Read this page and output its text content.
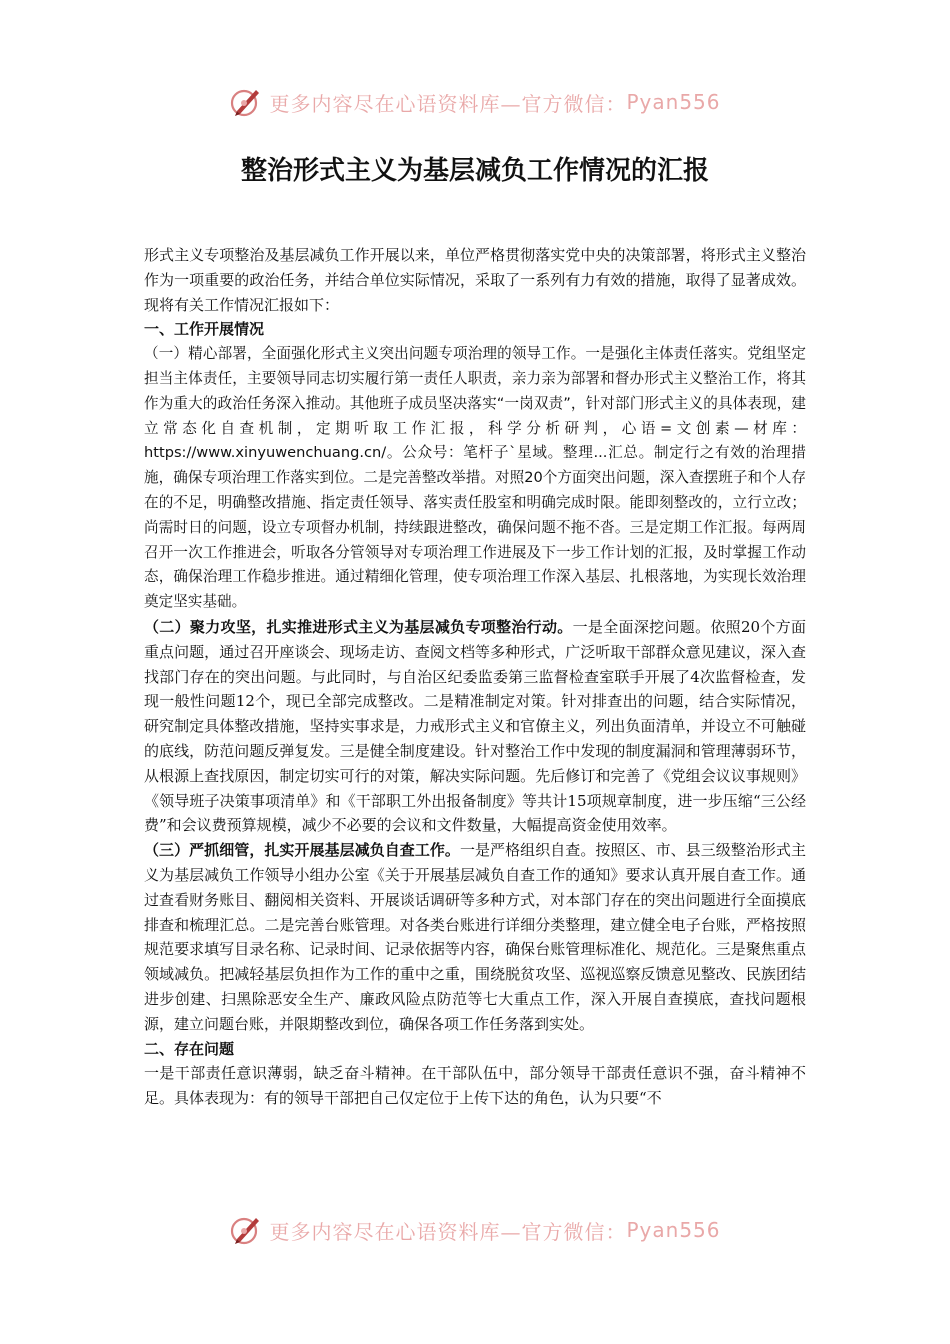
更多内容尽在心语资料库—官方微信： Pyan556
整治形式主义为基层减负工作情况的汇报

形式主义专项整治及基层减负工作开展以来，单位严格贯彻落实党中央的决策部署，将形式主义整治作为一项重要的政治任务，并结合单位实际情况，采取了一系列有力有效的措施，取得了显著成效。现将有关工作情况汇报如下：

一、工作开展情况

（一）精心部署，全面强化形式主义突出问题专项治理的领导工作。一是强化主体责任落实。党组坚定担当主体责任，主要领导同志切实履行第一责任人职责，亲力亲为部署和督办形式主义整治工作，将其作为重大的政治任务深入推动。其他班子成员坚决落实“一岗双责”，针对部门形式主义的具体表现，建立常态化自查机制，定期听取工作汇报，科学分析研判，心语=文创素—材库：https://www.xinyuwenchuang.cn/。公众号：笔杆子`星域。整理...汇总。制定行之有效的治理措施，确保专项治理工作落实到位。二是完善整改举措。对照20个方面突出问题，深入查摆班子和个人存在的不足，明确整改措施、指定责任领导、落实责任股室和明确完成时限。能即刻整改的，立行立改；尚需时日的问题，设立专项督办机制，持续跟进整改，确保问题不拖不沓。三是定期工作汇报。每两周召开一次工作推进会，听取各分管领导对专项治理工作进展及下一步工作计划的汇报，及时掌握工作动态，确保治理工作稳步推进。通过精细化管理，使专项治理工作深入基层、扎根落地，为实现长效治理奠定坚实基础。

（二）聚力攻坚，扎实推进形式主义为基层减负专项整治行动。一是全面深挖问题。依照20个方面重点问题，通过召开座谈会、现场走访、查阅文档等多种形式，广泛听取干部群众意见建议，深入查找部门存在的突出问题。与此同时，与自治区纪委监委第三监督检查室联手开展了4次监督检查，发现一般性问题12个，现已全部完成整改。二是精准制定对策。针对排查出的问题，结合实际情况，研究制定具体整改措施，坚持实事求是，力戒形式主义和官僚主义，列出负面清单，并设立不可触碰的底线，防范问题反弹复发。三是健全制度建设。针对整治工作中发现的制度漏洞和管理薄弱环节，从根源上查找原因，制定切实可行的对策，解决实际问题。先后修订和完善了《党组会议议事规则》《领导班子决策事项清单》和《干部职工外出报备制度》等共计15项规章制度，进一步压缩“三公经费”和会议费预算规模，减少不必要的会议和文件数量，大幅提高资金使用效率。

（三）严抓细管，扎实开展基层减负自查工作。一是严格组织自查。按照区、市、县三级整治形式主义为基层减负工作领导小组办公室《关于开展基层减负自查工作的通知》要求认真开展自查工作。通过查看财务账目、翻阅相关资料、开展谈话调研等多种方式，对本部门存在的突出问题进行全面摸底排查和梳理汇总。二是完善台账管理。对各类台账进行详细分类整理，建立健全电子台账，严格按照规范要求填写目录名称、记录时间、记录依据等内容，确保台账管理标准化、规范化。三是聚焦重点领域减负。把减轻基层负担作为工作的重中之重，围绕脱贫攻坚、巡视巡察反馈意见整改、民族团结进步创建、扫黑除恶安全生产、廉政风险点防范等七大重点工作，深入开展自查摸底，查找问题根源，建立问题台账，并限期整改到位，确保各项工作任务落到实处。

二、存在问题

一是干部责任意识薄弱，缺乏奋斗精神。在干部队伍中，部分领导干部责任意识不强，奋斗精神不足。具体表现为：有的领导干部把自己仅定位于上传下达的角色，认为只要“不

更多内容尽在心语资料库—官方微信： Pyan556
